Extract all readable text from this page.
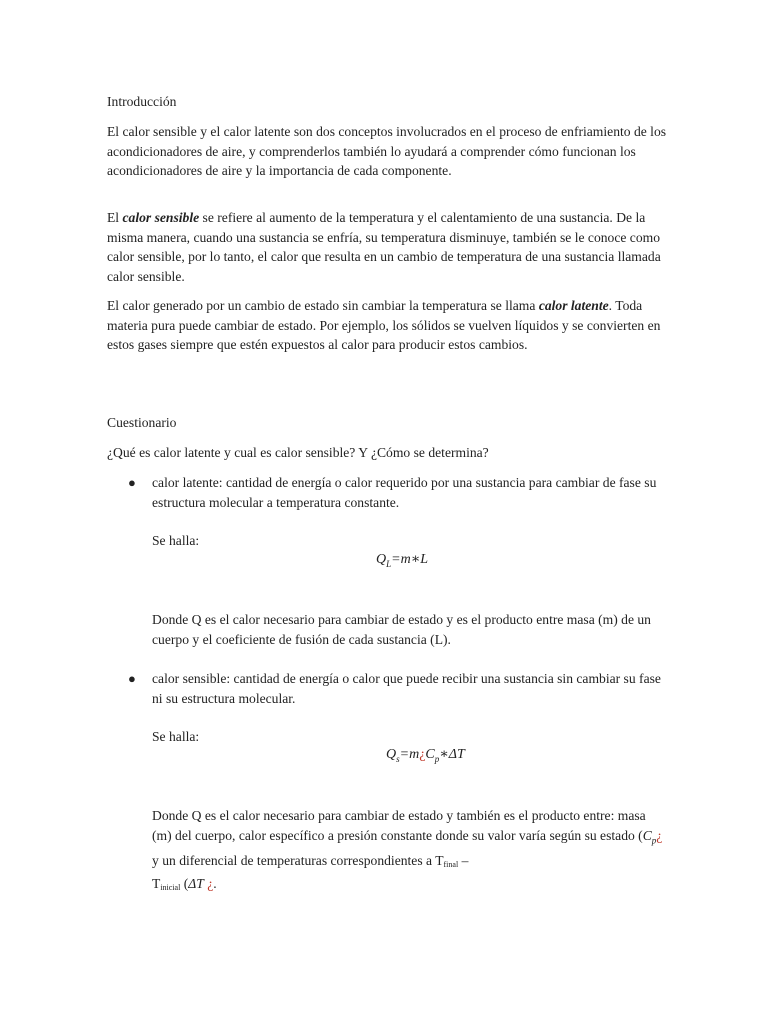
Introducción

El calor sensible y el calor latente son dos conceptos involucrados en el proceso de enfriamiento de los acondicionadores de aire, y comprenderlos también lo ayudará a comprender cómo funcionan los acondicionadores de aire y la importancia de cada componente.

El calor sensible se refiere al aumento de la temperatura y el calentamiento de una sustancia. De la misma manera, cuando una sustancia se enfría, su temperatura disminuye, también se le conoce como calor sensible, por lo tanto, el calor que resulta en un cambio de temperatura de una sustancia llamada calor sensible.

El calor generado por un cambio de estado sin cambiar la temperatura se llama calor latente. Toda materia pura puede cambiar de estado. Por ejemplo, los sólidos se vuelven líquidos y se convierten en estos gases siempre que estén expuestos al calor para producir estos cambios.

Cuestionario

¿Qué es calor latente y cual es calor sensible? Y ¿Cómo se determina?

● calor latente: cantidad de energía o calor requerido por una sustancia para cambiar de fase su estructura molecular a temperatura constante.

Se halla:

$Q_L=m∗L$

Donde Q es el calor necesario para cambiar de estado y es el producto entre masa (m) de un cuerpo y el coeficiente de fusión de cada sustancia (L).

● calor sensible: cantidad de energía o calor que puede recibir una sustancia sin cambiar su fase ni su estructura molecular.

Se halla:

$Q_s=m¿C_p∗\Delta T$

Donde Q es el calor necesario para cambiar de estado y también es el producto entre: masa (m) del cuerpo, calor específico a presión constante donde su valor varía según su estado ($C_p¿$ y un diferencial de temperaturas correspondientes a Tfinal –
Tinicial (ΔT ¿.
